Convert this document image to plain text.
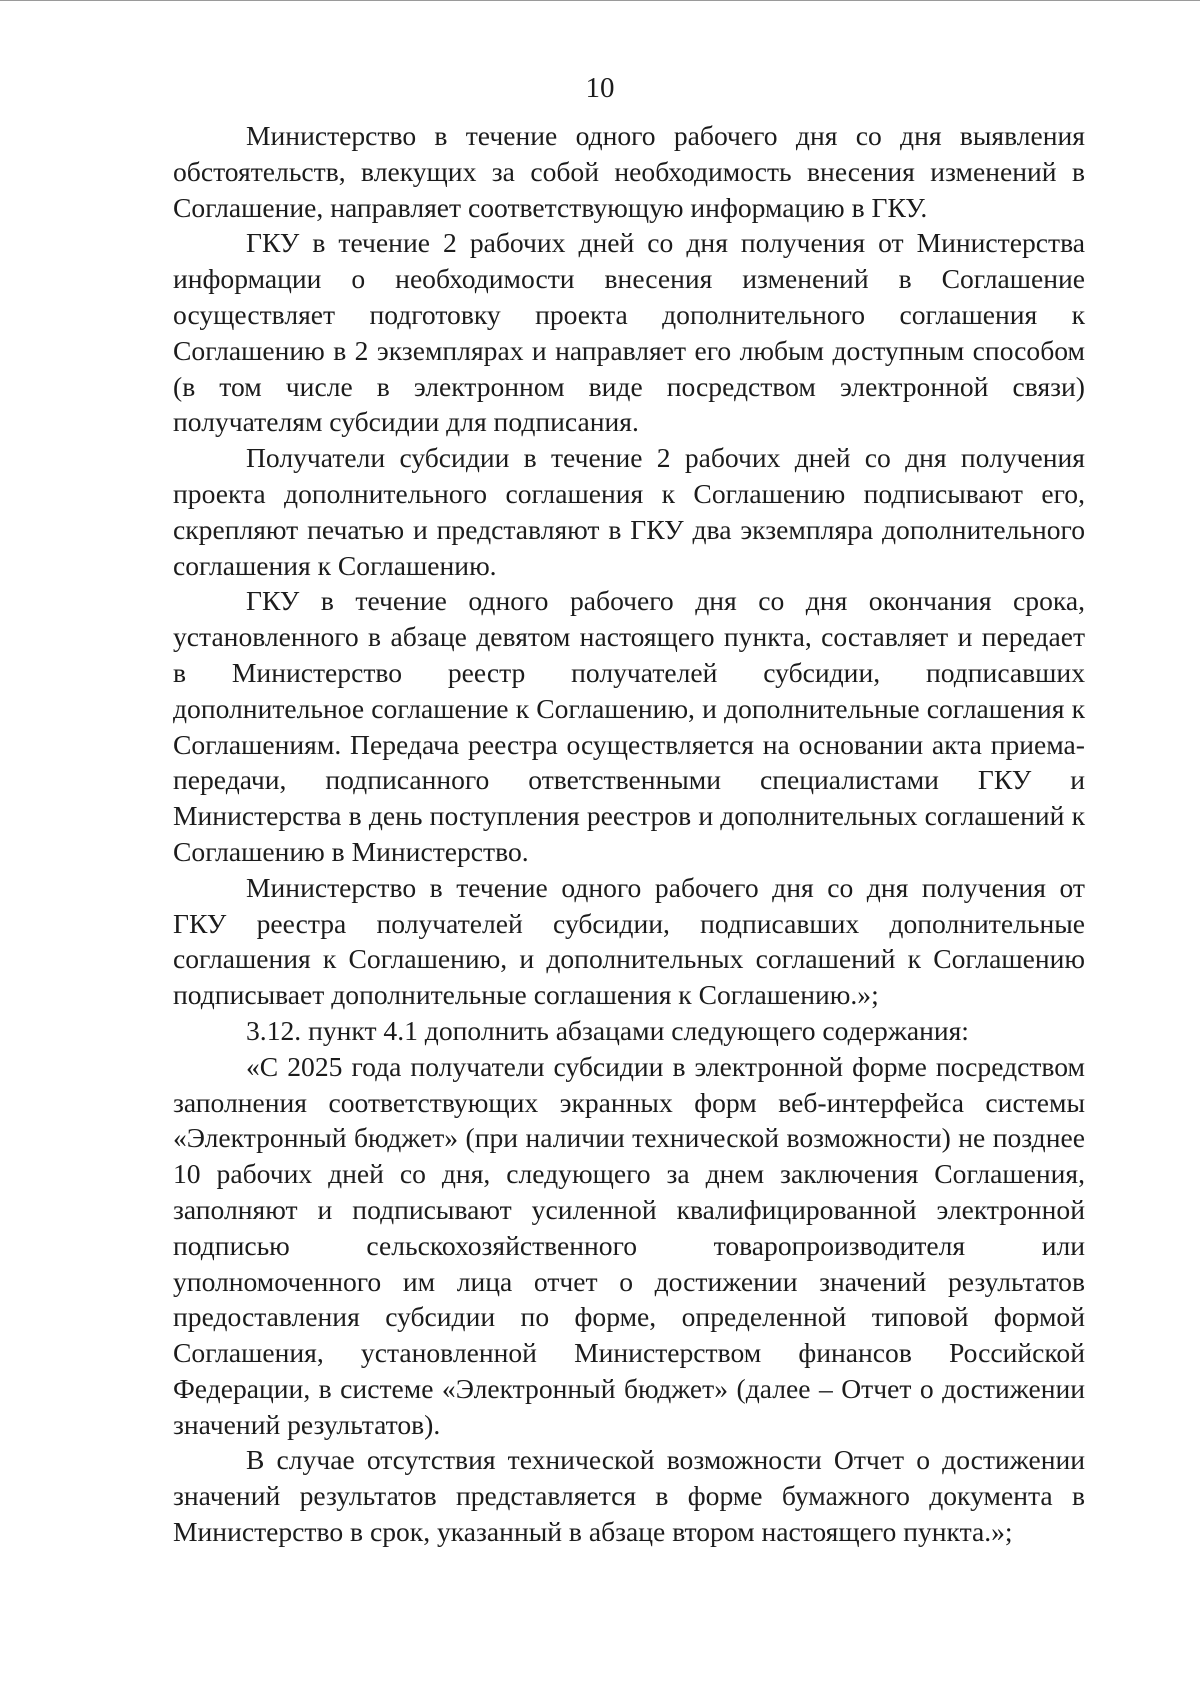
10

Министерство в течение одного рабочего дня со дня выявления обстоятельств, влекущих за собой необходимость внесения изменений в Соглашение, направляет соответствующую информацию в ГКУ.

ГКУ в течение 2 рабочих дней со дня получения от Министерства информации о необходимости внесения изменений в Соглашение осуществляет подготовку проекта дополнительного соглашения к Соглашению в 2 экземплярах и направляет его любым доступным способом (в том числе в электронном виде посредством электронной связи) получателям субсидии для подписания.

Получатели субсидии в течение 2 рабочих дней со дня получения проекта дополнительного соглашения к Соглашению подписывают его, скрепляют печатью и представляют в ГКУ два экземпляра дополнительного соглашения к Соглашению.

ГКУ в течение одного рабочего дня со дня окончания срока, установленного в абзаце девятом настоящего пункта, составляет и передает в Министерство реестр получателей субсидии, подписавших дополнительное соглашение к Соглашению, и дополнительные соглашения к Соглашениям. Передача реестра осуществляется на основании акта приема-передачи, подписанного ответственными специалистами ГКУ и Министерства в день поступления реестров и дополнительных соглашений к Соглашению в Министерство.

Министерство в течение одного рабочего дня со дня получения от ГКУ реестра получателей субсидии, подписавших дополнительные соглашения к Соглашению, и дополнительных соглашений к Соглашению подписывает дополнительные соглашения к Соглашению.»;

3.12. пункт 4.1 дополнить абзацами следующего содержания:

«С 2025 года получатели субсидии в электронной форме посредством заполнения соответствующих экранных форм веб-интерфейса системы «Электронный бюджет» (при наличии технической возможности) не позднее 10 рабочих дней со дня, следующего за днем заключения Соглашения, заполняют и подписывают усиленной квалифицированной электронной подписью сельскохозяйственного товаропроизводителя или уполномоченного им лица отчет о достижении значений результатов предоставления субсидии по форме, определенной типовой формой Соглашения, установленной Министерством финансов Российской Федерации, в системе «Электронный бюджет» (далее – Отчет о достижении значений результатов).

В случае отсутствия технической возможности Отчет о достижении значений результатов представляется в форме бумажного документа в Министерство в срок, указанный в абзаце втором настоящего пункта.»;
